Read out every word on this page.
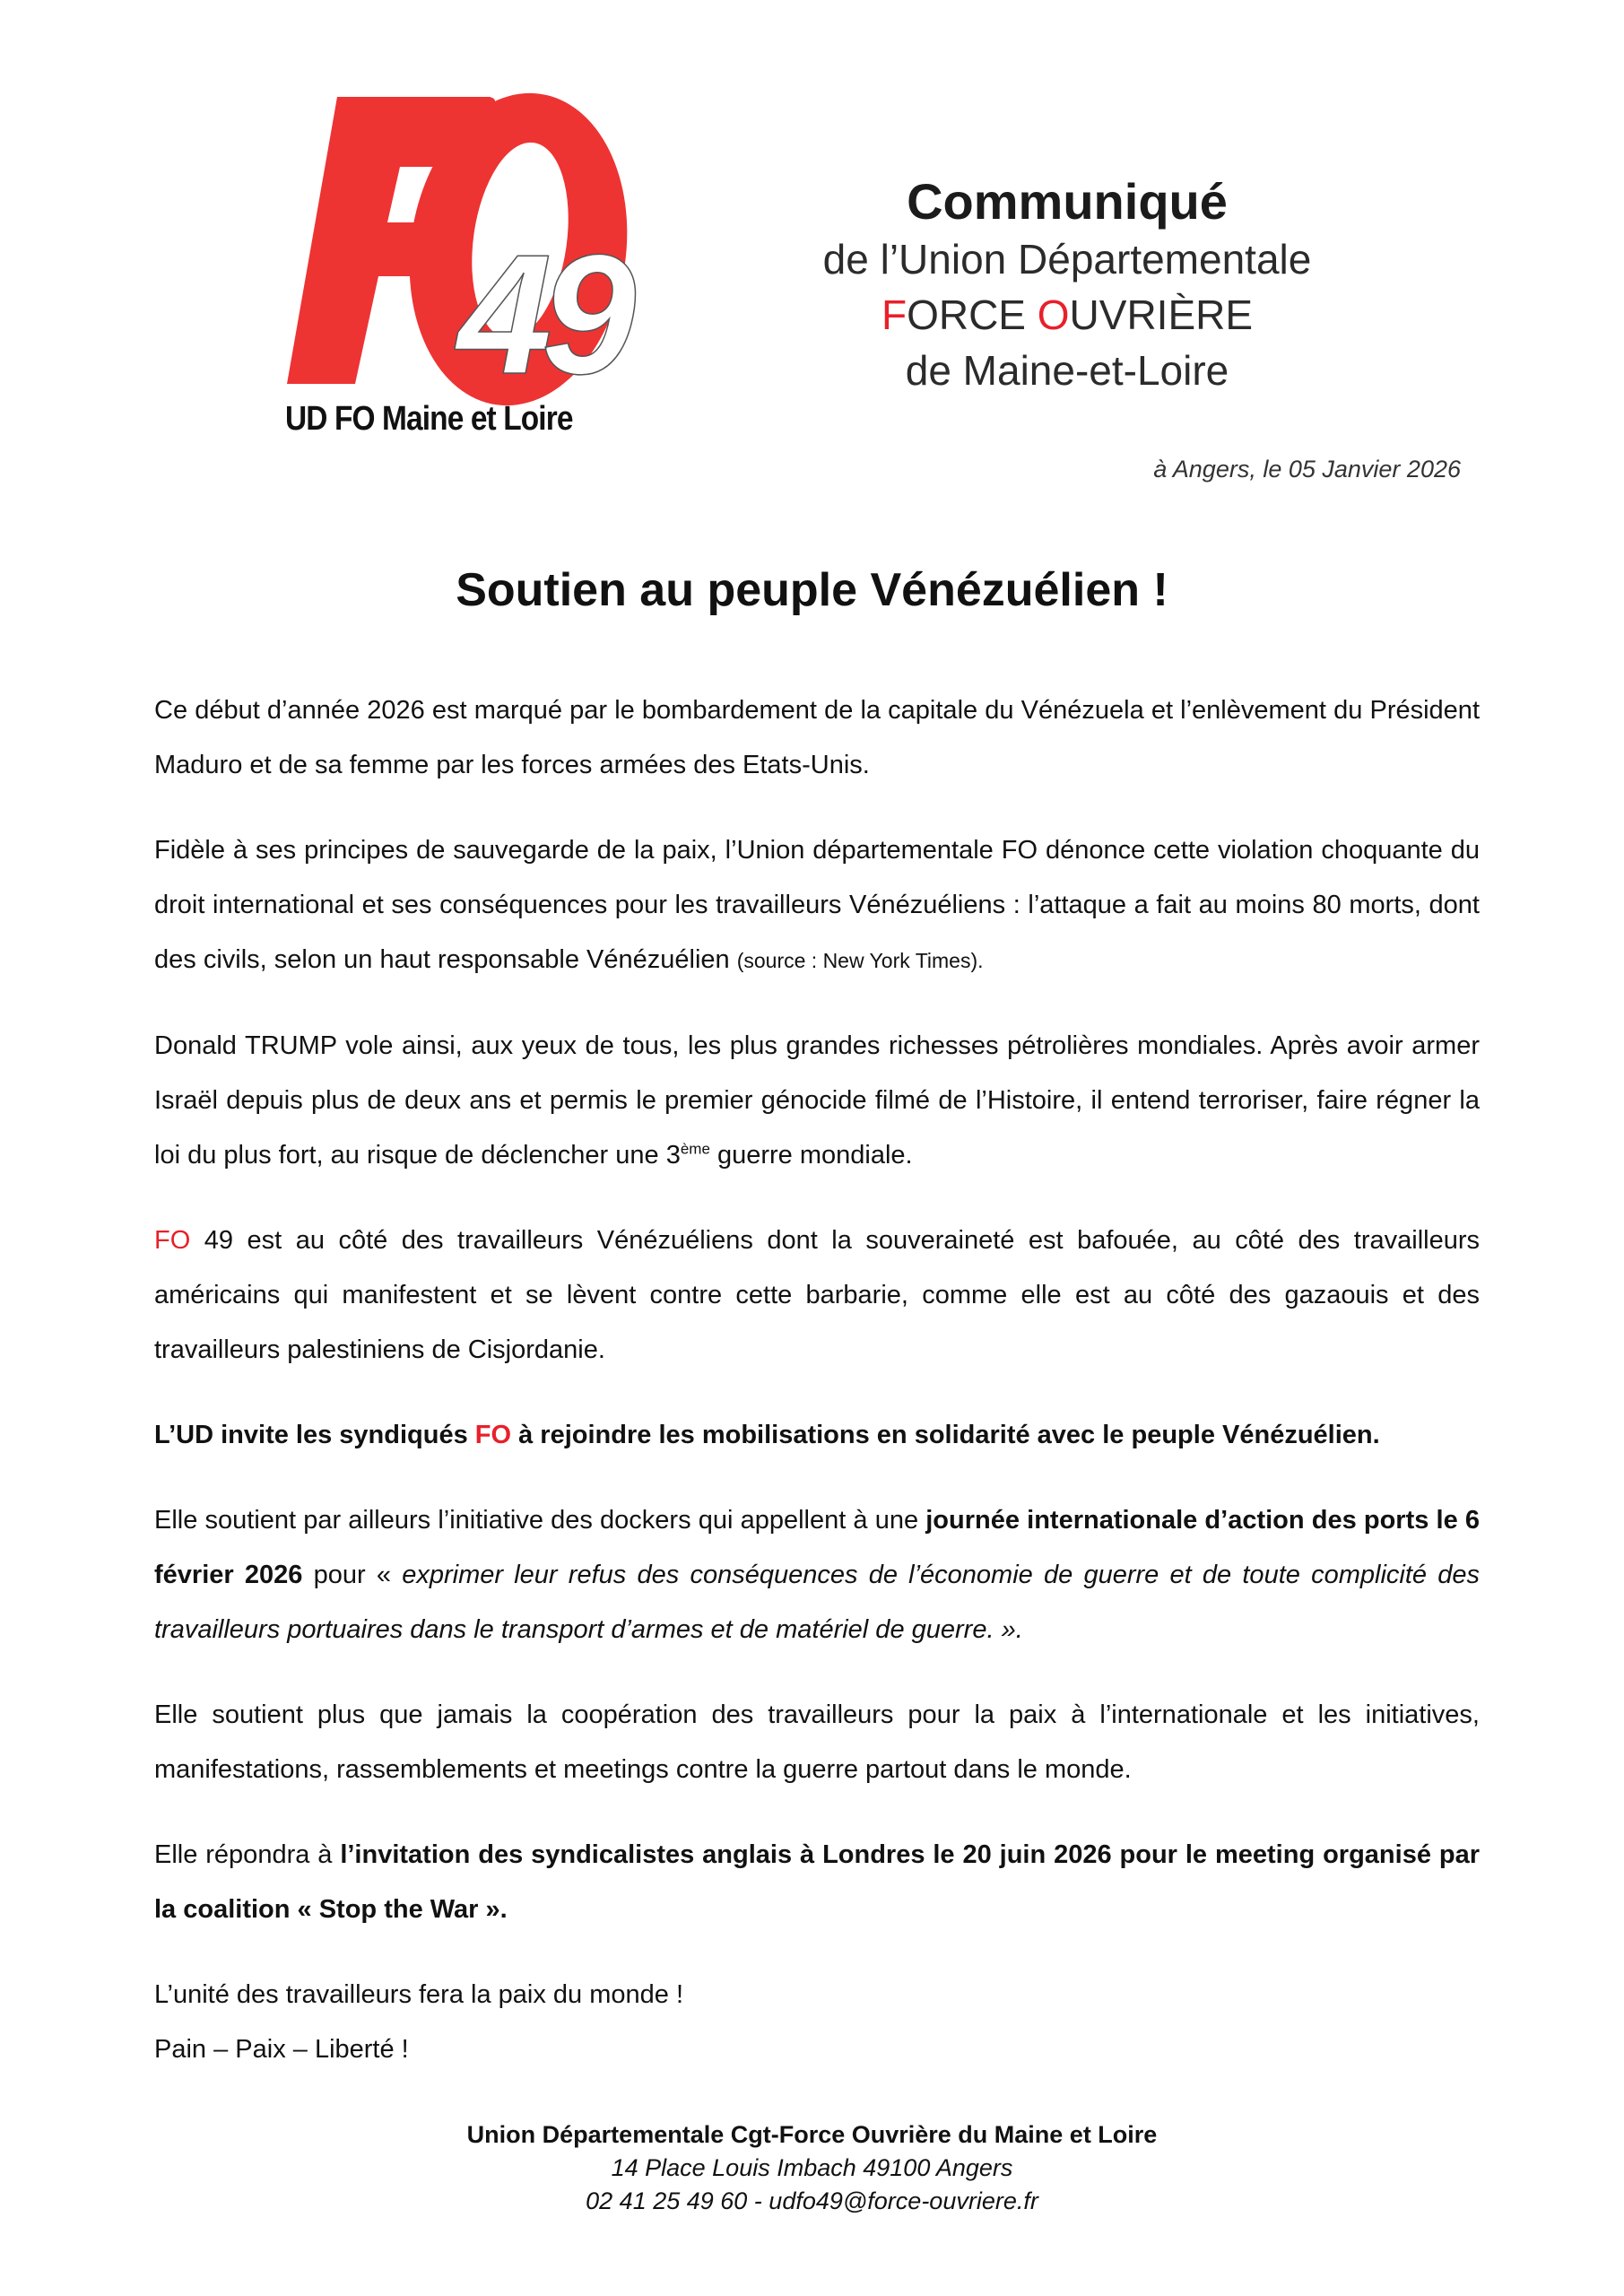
49
UD FO Maine et Loire
Communiqué
de l’Union Départementale
FORCE OUVRIÈRE
de Maine-et-Loire
à Angers, le 05 Janvier 2026
Soutien au peuple Vénézuélien !

Ce début d’année 2026 est marqué par le bombardement de la capitale du Vénézuela et l’enlèvement du Président Maduro et de sa femme par les forces armées des Etats-Unis.

Fidèle à ses principes de sauvegarde de la paix, l’Union départementale FO dénonce cette violation choquante du droit international et ses conséquences pour les travailleurs Vénézuéliens : l’attaque a fait au moins 80 morts, dont des civils, selon un haut responsable Vénézuélien (source : New York Times).

Donald TRUMP vole ainsi, aux yeux de tous, les plus grandes richesses pétrolières mondiales. Après avoir armer Israël depuis plus de deux ans et permis le premier génocide filmé de l’Histoire, il entend terroriser, faire régner la loi du plus fort, au risque de déclencher une 3ème guerre mondiale.

FO 49 est au côté des travailleurs Vénézuéliens dont la souveraineté est bafouée, au côté des travailleurs américains qui manifestent et se lèvent contre cette barbarie, comme elle est au côté des gazaouis et des travailleurs palestiniens de Cisjordanie.

L’UD invite les syndiqués FO à rejoindre les mobilisations en solidarité avec le peuple Vénézuélien.

Elle soutient par ailleurs l’initiative des dockers qui appellent à une journée internationale d’action des ports le 6 février 2026 pour « exprimer leur refus des conséquences de l’économie de guerre et de toute complicité des travailleurs portuaires dans le transport d’armes et de matériel de guerre. ».

Elle soutient plus que jamais la coopération des travailleurs pour la paix à l’internationale et les initiatives, manifestations, rassemblements et meetings contre la guerre partout dans le monde.

Elle répondra à l’invitation des syndicalistes anglais à Londres le 20 juin 2026 pour le meeting organisé par la coalition « Stop the War ».

L’unité des travailleurs fera la paix du monde !

Pain – Paix – Liberté !

Union Départementale Cgt-Force Ouvrière du Maine et Loire
14 Place Louis Imbach 49100 Angers
02 41 25 49 60 - udfo49@force-ouvriere.fr
